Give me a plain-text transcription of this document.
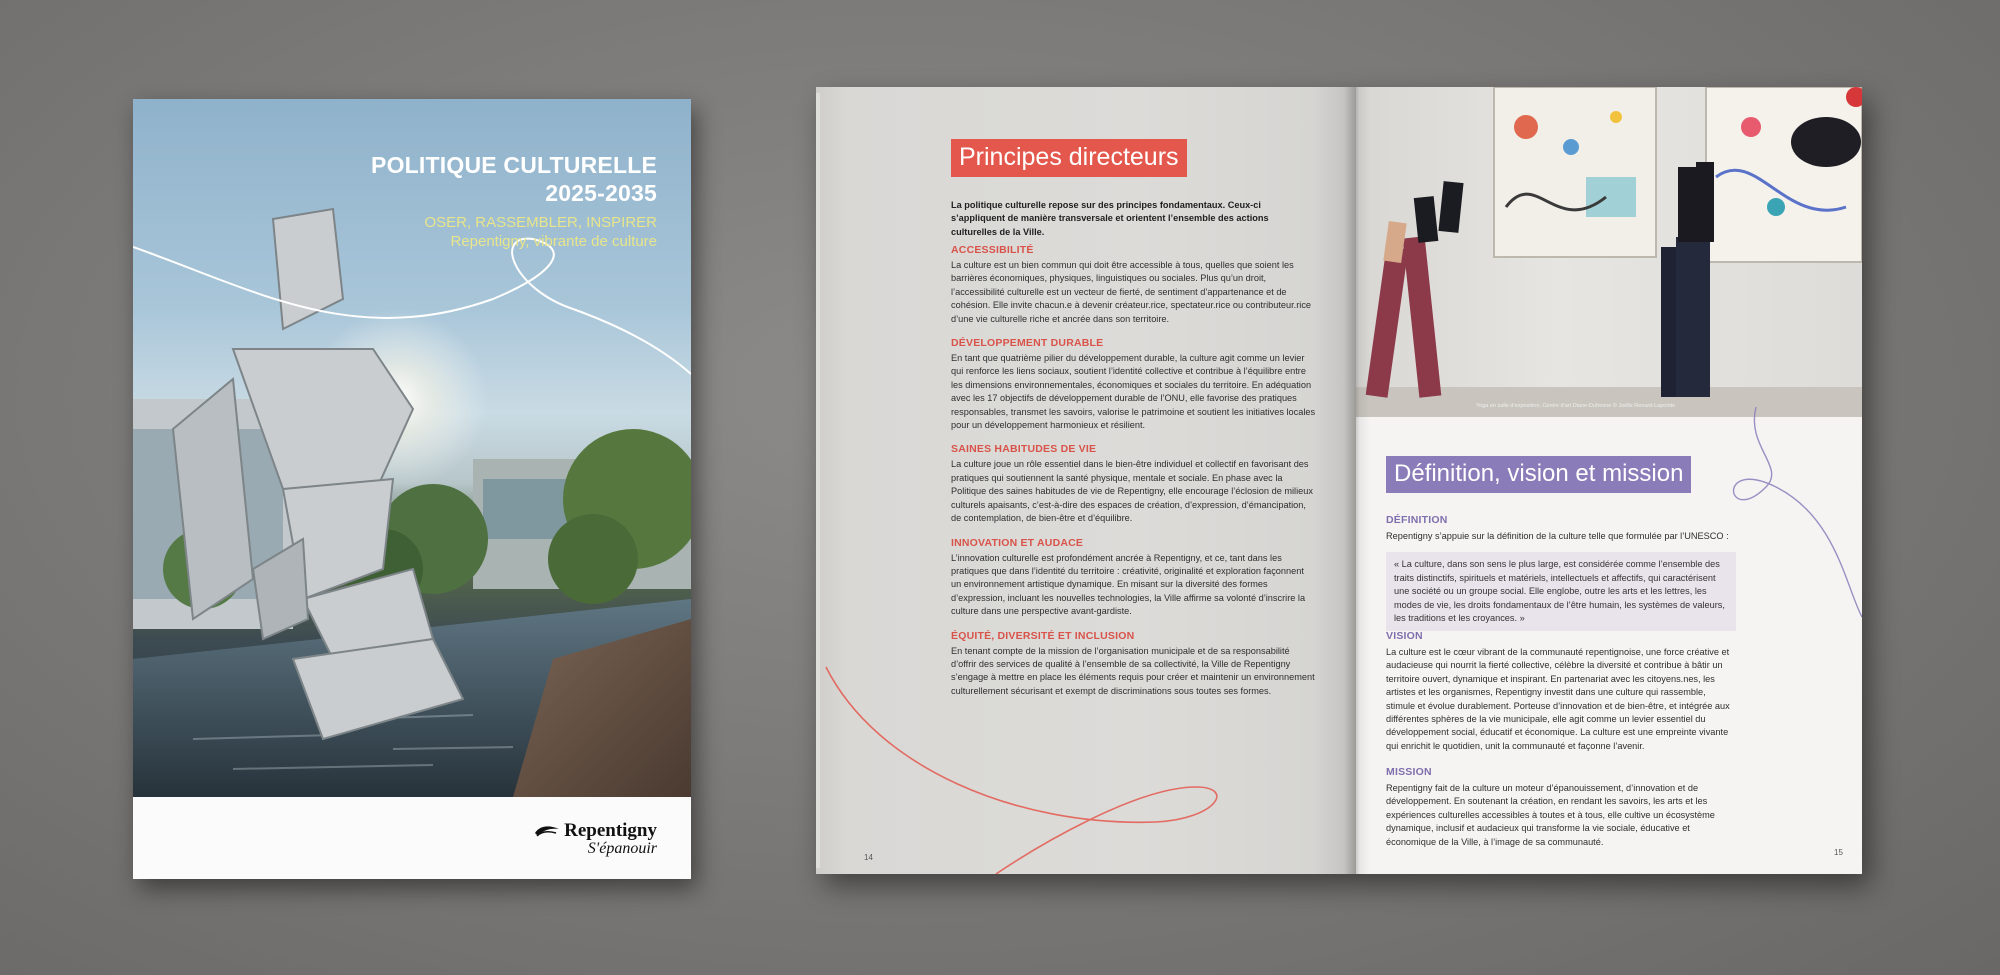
POLITIQUE CULTURELLE
2025-2035
OSER, RASSEMBLER, INSPIRER
Repentigny, vibrante de culture
Repentigny
S'épanouir
Principes directeurs
La politique culturelle repose sur des principes fondamentaux. Ceux-ci s’appliquent de manière transversale et orientent l’ensemble des actions culturelles de la Ville.
ACCESSIBILITÉ
La culture est un bien commun qui doit être accessible à tous, quelles que soient les barrières économiques, physiques, linguistiques ou sociales. Plus qu’un droit, l’accessibilité culturelle est un vecteur de fierté, de sentiment d’appartenance et de cohésion. Elle invite chacun.e à devenir créateur.rice, spectateur.rice ou contributeur.rice d’une vie culturelle riche et ancrée dans son territoire.
DÉVELOPPEMENT DURABLE
En tant que quatrième pilier du développement durable, la culture agit comme un levier qui renforce les liens sociaux, soutient l’identité collective et contribue à l’équilibre entre les dimensions environnementales, économiques et sociales du territoire. En adéquation avec les 17 objectifs de développement durable de l’ONU, elle favorise des pratiques responsables, transmet les savoirs, valorise le patrimoine et soutient les initiatives locales pour un développement harmonieux et résilient.
SAINES HABITUDES DE VIE
La culture joue un rôle essentiel dans le bien-être individuel et collectif en favorisant des pratiques qui soutiennent la santé physique, mentale et sociale. En phase avec la Politique des saines habitudes de vie de Repentigny, elle encourage l’éclosion de milieux culturels apaisants, c’est-à-dire des espaces de création, d’expression, d’émancipation, de contemplation, de bien-être et d’équilibre.
INNOVATION ET AUDACE
L’innovation culturelle est profondément ancrée à Repentigny, et ce, tant dans les pratiques que dans l’identité du territoire : créativité, originalité et exploration façonnent un environnement artistique dynamique. En misant sur la diversité des formes d’expression, incluant les nouvelles technologies, la Ville affirme sa volonté d’inscrire la culture dans une perspective avant-gardiste.
ÉQUITÉ, DIVERSITÉ ET INCLUSION
En tenant compte de la mission de l’organisation municipale et de sa responsabilité d’offrir des services de qualité à l’ensemble de sa collectivité, la Ville de Repentigny s’engage à mettre en place les éléments requis pour créer et maintenir un environnement culturellement sécurisant et exempt de discriminations sous toutes ses formes.
14
Yoga en salle d’exposition, Centre d’art Diane-Dufresne © Joëlle Renard-Lapointe
Définition, vision et mission
DÉFINITION
Repentigny s’appuie sur la définition de la culture telle que formulée par l’UNESCO :
« La culture, dans son sens le plus large, est considérée comme l’ensemble des traits distinctifs, spirituels et matériels, intellectuels et affectifs, qui caractérisent une société ou un groupe social. Elle englobe, outre les arts et les lettres, les modes de vie, les droits fondamentaux de l’être humain, les systèmes de valeurs, les traditions et les croyances. »
VISION
La culture est le cœur vibrant de la communauté repentignoise, une force créative et audacieuse qui nourrit la fierté collective, célèbre la diversité et contribue à bâtir un territoire ouvert, dynamique et inspirant. En partenariat avec les citoyens.nes, les artistes et les organismes, Repentigny investit dans une culture qui rassemble, stimule et évolue durablement. Porteuse d’innovation et de bien-être, et intégrée aux différentes sphères de la vie municipale, elle agit comme un levier essentiel du développement social, éducatif et économique. La culture est une empreinte vivante qui enrichit le quotidien, unit la communauté et façonne l’avenir.
MISSION
Repentigny fait de la culture un moteur d’épanouissement, d’innovation et de développement. En soutenant la création, en rendant les savoirs, les arts et les expériences culturelles accessibles à toutes et à tous, elle cultive un écosystème dynamique, inclusif et audacieux qui transforme la vie sociale, éducative et économique de la Ville, à l’image de sa communauté.
15
